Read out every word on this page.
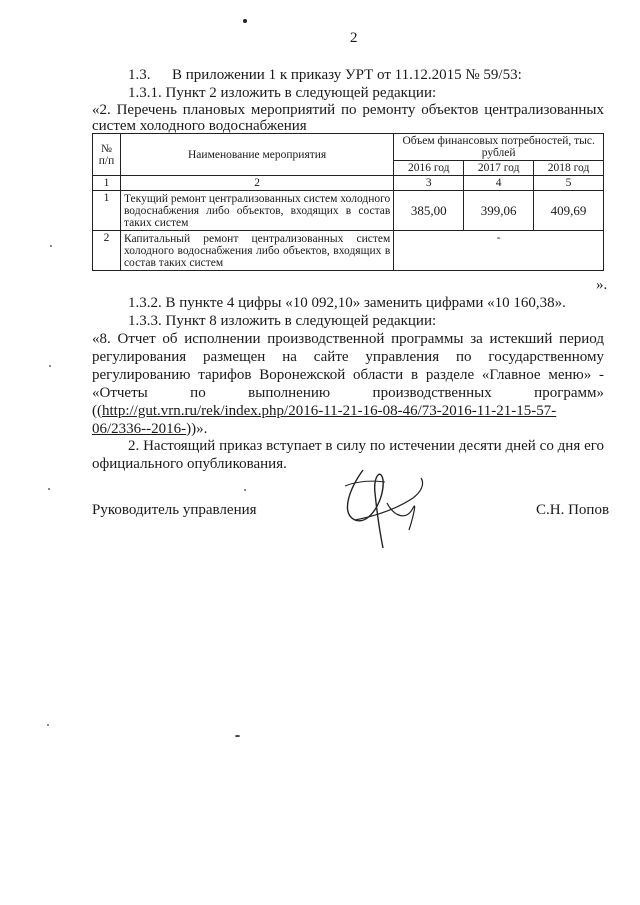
2
1.3. В приложении 1 к приказу УРТ от 11.12.2015 № 59/53:
1.3.1. Пункт 2 изложить в следующей редакции:
«2. Перечень плановых мероприятий по ремонту объектов централизованных
систем холодного водоснабжения
№ п/п	Наименование мероприятия	Объем финансовых потребностей, тыс. рублей		
		2016 год	2017 год	2018 год
1	2	3	4	5
1	Текущий ремонт централизованных систем холодного водоснабжения либо объектов, входящих в состав таких систем	385,00	399,06	409,69
2	Капитальный ремонт централизованных систем холодного водоснабжения либо объектов, входящих в состав таких систем	-		
».
1.3.2. В пункте 4 цифры «10 092,10» заменить цифрами «10 160,38».
1.3.3. Пункт 8 изложить в следующей редакции:
«8. Отчет об исполнении производственной программы за истекший период
регулирования размещен на сайте управления по государственному
регулированию тарифов Воронежской области в разделе «Главное меню» -
«Отчеты по выполнению производственных программ»
((http://gut.vrn.ru/rek/index.php/2016-11-21-16-08-46/73-2016-11-21-15-57-
06/2336--2016-))».
2. Настоящий приказ вступает в силу по истечении десяти дней со дня его
официального опубликования.
Руководитель управления	С.Н. Попов
